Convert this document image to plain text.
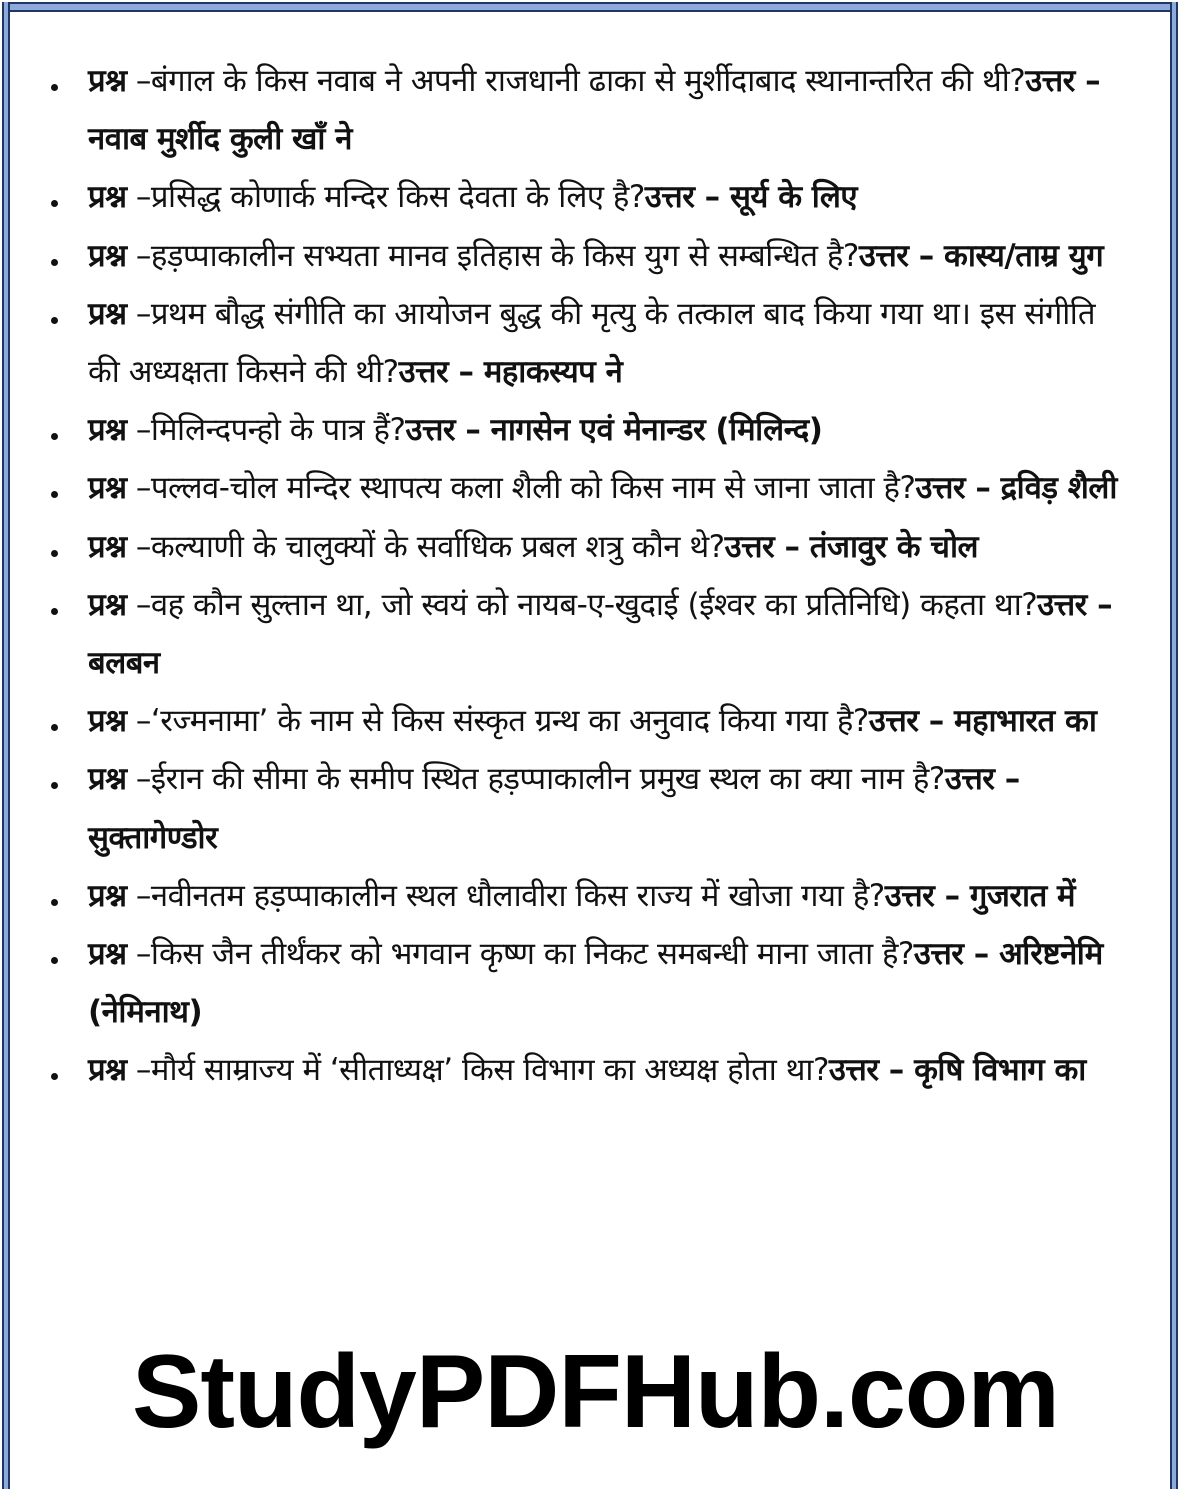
प्रश्न –बंगाल के किस नवाब ने अपनी राजधानी ढाका से मुर्शीदाबाद स्थानान्तरित की थी?उत्तर – नवाब मुर्शीद कुली खाँ ने
प्रश्न –प्रसिद्ध कोणार्क मन्दिर किस देवता के लिए है?उत्तर – सूर्य के लिए
प्रश्न –हड़प्पाकालीन सभ्यता मानव इतिहास के किस युग से सम्बन्धित है?उत्तर – कास्य/ताम्र युग
प्रश्न –प्रथम बौद्ध संगीति का आयोजन बुद्ध की मृत्यु के तत्काल बाद किया गया था। इस संगीति की अध्यक्षता किसने की थी?उत्तर – महाकस्यप ने
प्रश्न –मिलिन्दपन्हो के पात्र हैं?उत्तर – नागसेन एवं मेनान्डर (मिलिन्द)
प्रश्न –पल्लव-चोल मन्दिर स्थापत्य कला शैली को किस नाम से जाना जाता है?उत्तर – द्रविड़ शैली
प्रश्न –कल्याणी के चालुक्यों के सर्वाधिक प्रबल शत्रु कौन थे?उत्तर – तंजावुर के चोल
प्रश्न –वह कौन सुल्तान था, जो स्वयं को नायब-ए-खुदाई (ईश्वर का प्रतिनिधि) कहता था?उत्तर – बलबन
प्रश्न –‘रज्मनामा’ के नाम से किस संस्कृत ग्रन्थ का अनुवाद किया गया है?उत्तर – महाभारत का
प्रश्न –ईरान की सीमा के समीप स्थित हड़प्पाकालीन प्रमुख स्थल का क्या नाम है?उत्तर – सुक्तागेण्डोर
प्रश्न –नवीनतम हड़प्पाकालीन स्थल धौलावीरा किस राज्य में खोजा गया है?उत्तर – गुजरात में
प्रश्न –किस जैन तीर्थंकर को भगवान कृष्ण का निकट समबन्धी माना जाता है?उत्तर – अरिष्टनेमि (नेमिनाथ)
प्रश्न –मौर्य साम्राज्य में ‘सीताध्यक्ष’ किस विभाग का अध्यक्ष होता था?उत्तर – कृषि विभाग का
StudyPDFHub.com
